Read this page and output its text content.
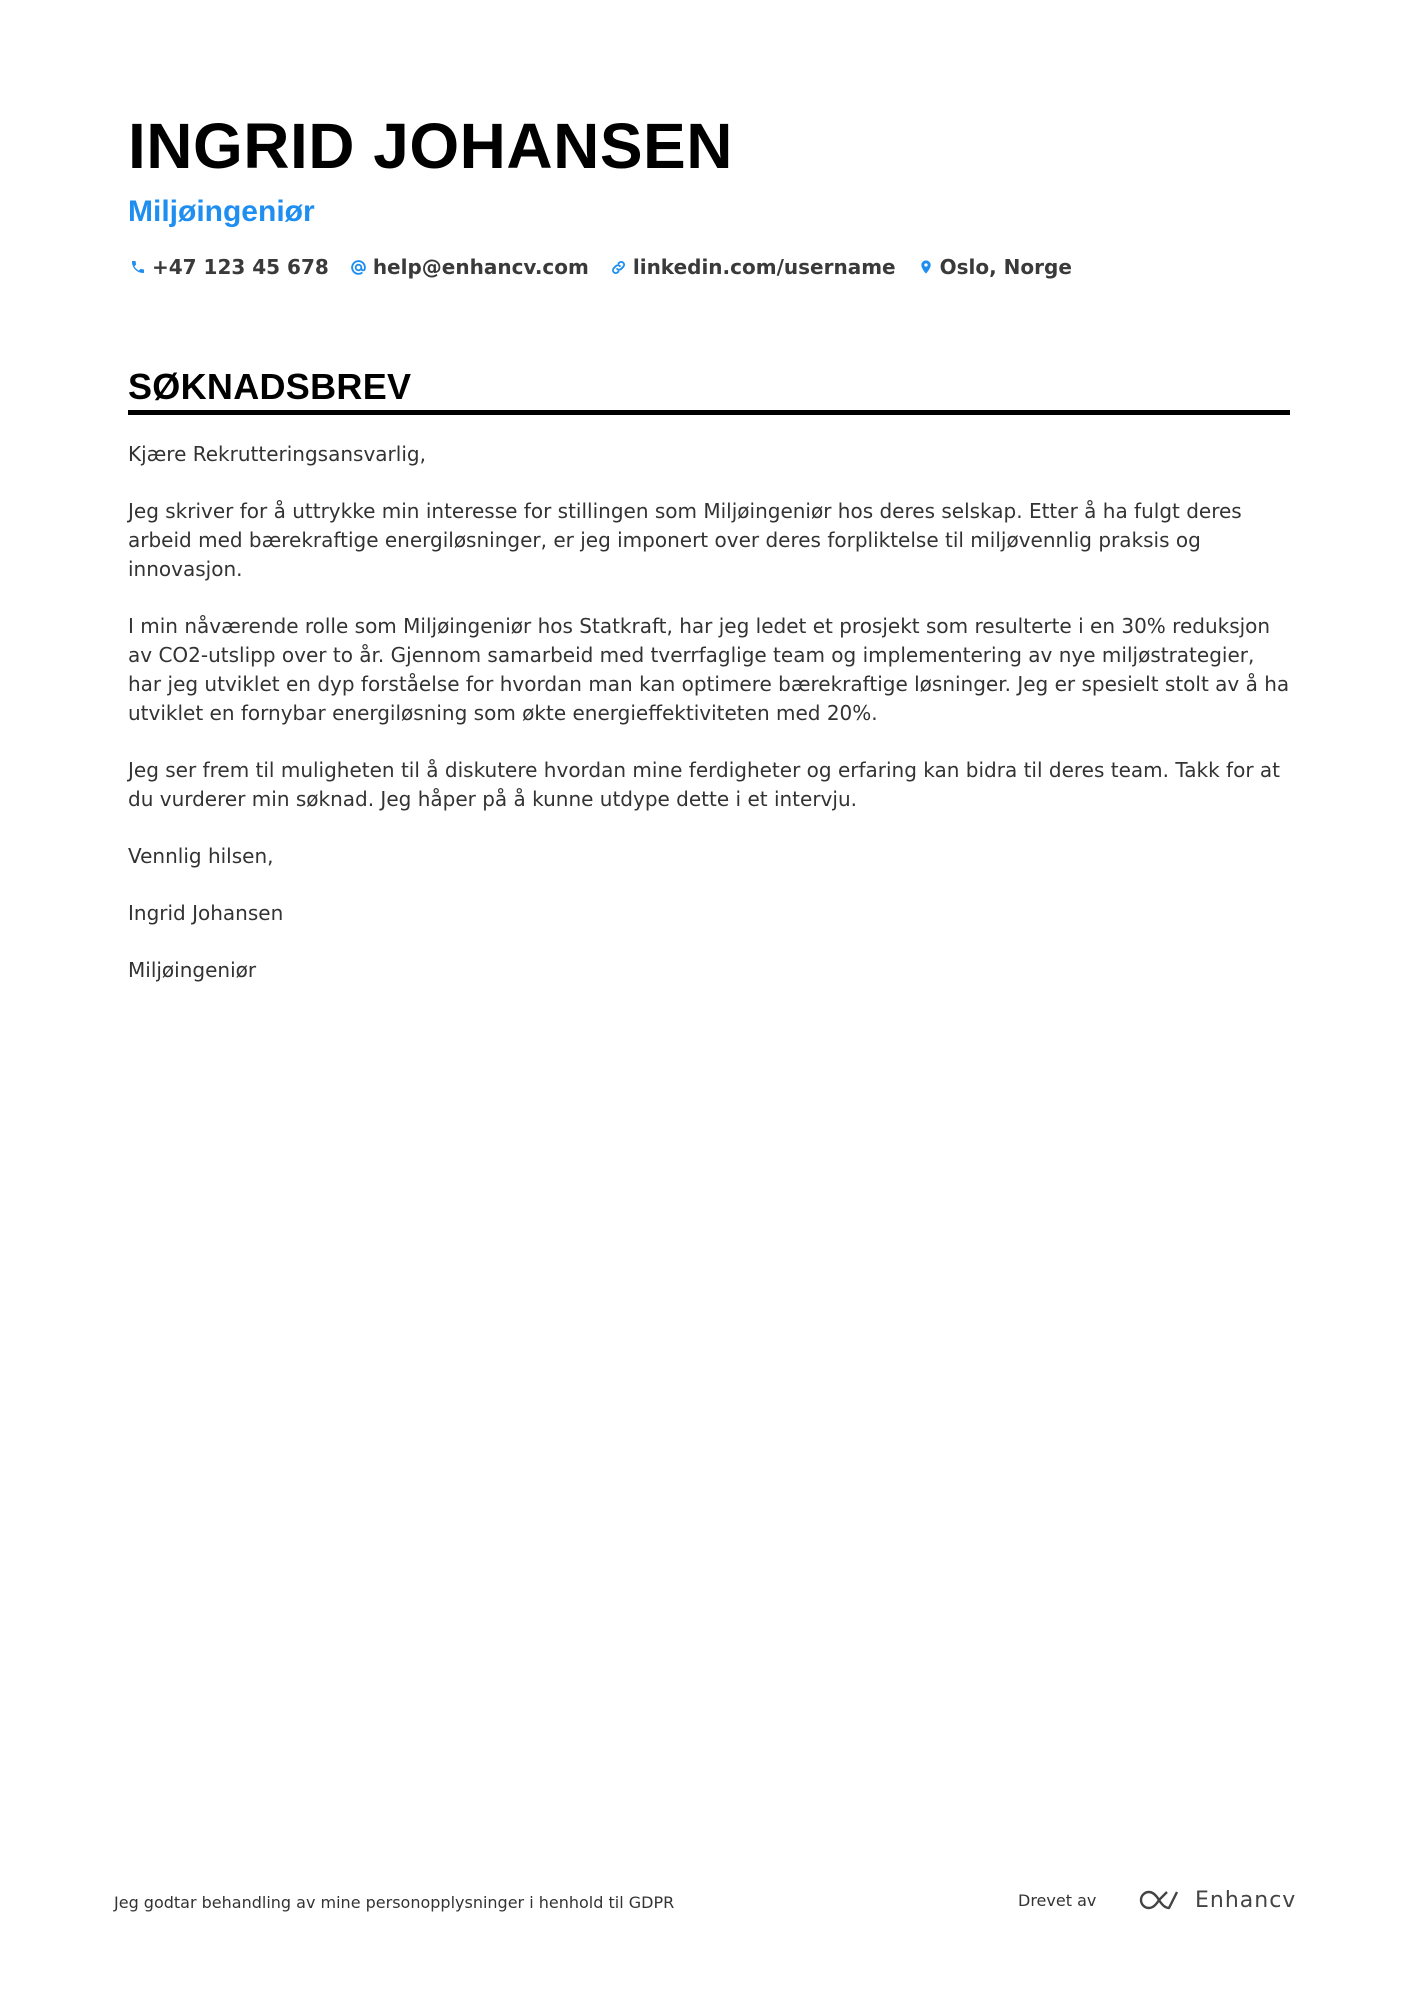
INGRID JOHANSEN
Miljøingeniør
+47 123 45 678 help@enhancv.com linkedin.com/username Oslo, Norge
SØKNADSBREV

Kjære Rekrutteringsansvarlig,

Jeg skriver for å uttrykke min interesse for stillingen som Miljøingeniør hos deres selskap. Etter å ha fulgt deres arbeid med bærekraftige energiløsninger, er jeg imponert over deres forpliktelse til miljøvennlig praksis og innovasjon.

I min nåværende rolle som Miljøingeniør hos Statkraft, har jeg ledet et prosjekt som resulterte i en 30% reduksjon av CO2-utslipp over to år. Gjennom samarbeid med tverrfaglige team og implementering av nye miljøstrategier, har jeg utviklet en dyp forståelse for hvordan man kan optimere bærekraftige løsninger. Jeg er spesielt stolt av å ha utviklet en fornybar energiløsning som økte energieffektiviteten med 20%.

Jeg ser frem til muligheten til å diskutere hvordan mine ferdigheter og erfaring kan bidra til deres team. Takk for at du vurderer min søknad. Jeg håper på å kunne utdype dette i et intervju.

Vennlig hilsen,

Ingrid Johansen

Miljøingeniør

Jeg godtar behandling av mine personopplysninger i henhold til GDPR	Drevet av	Enhancv
